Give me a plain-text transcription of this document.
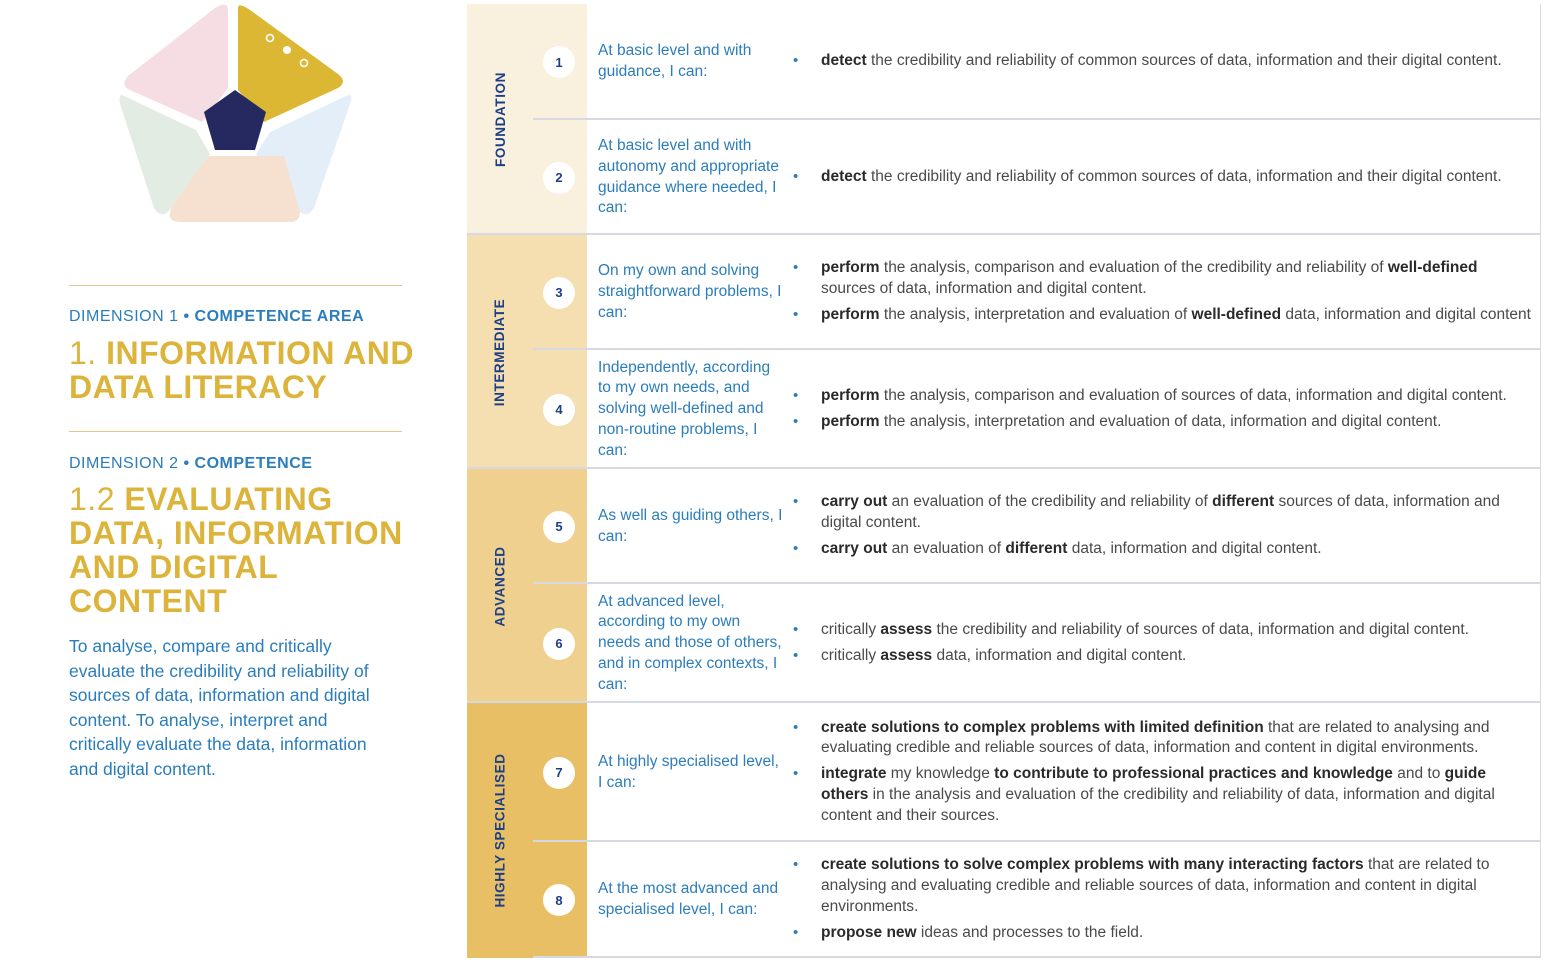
DIMENSION 1 • COMPETENCE AREA
1. INFORMATION AND
DATA LITERACY
DIMENSION 2 • COMPETENCE
1.2 EVALUATING
DATA, INFORMATION
AND DIGITAL
CONTENT
To analyse, compare and critically evaluate the credibility and reliability of sources of data, information and digital content. To analyse, interpret and critically evaluate the data, information and digital content.
FOUNDATION
INTERMEDIATE
ADVANCED
HIGHLY SPECIALISED
1
At basic level and with guidance, I can:
• detect the credibility and reliability of common sources of data, information and their digital content.
2
At basic level and with autonomy and appropriate guidance where needed, I can:
• detect the credibility and reliability of common sources of data, information and their digital content.
3
On my own and solving straightforward problems, I can:
• perform the analysis, comparison and evaluation of the credibility and reliability of well-defined sources of data, information and digital content.
• perform the analysis, interpretation and evaluation of well-defined data, information and digital content
4
Independently, according to my own needs, and solving well-defined and non-routine problems, I can:
• perform the analysis, comparison and evaluation of sources of data, information and digital content.
• perform the analysis, interpretation and evaluation of data, information and digital content.
5
As well as guiding others, I can:
• carry out an evaluation of the credibility and reliability of different sources of data, information and digital content.
• carry out an evaluation of different data, information and digital content.
6
At advanced level, according to my own needs and those of others, and in complex contexts, I can:
• critically assess the credibility and reliability of sources of data, information and digital content.
• critically assess data, information and digital content.
7
At highly specialised level, I can:
• create solutions to complex problems with limited definition that are related to analysing and evaluating credible and reliable sources of data, information and content in digital environments.
• integrate my knowledge to contribute to professional practices and knowledge and to guide others in the analysis and evaluation of the credibility and reliability of data, information and digital content and their sources.
8
At the most advanced and specialised level, I can:
• create solutions to solve complex problems with many interacting factors that are related to analysing and evaluating credible and reliable sources of data, information and content in digital environments.
• propose new ideas and processes to the field.
